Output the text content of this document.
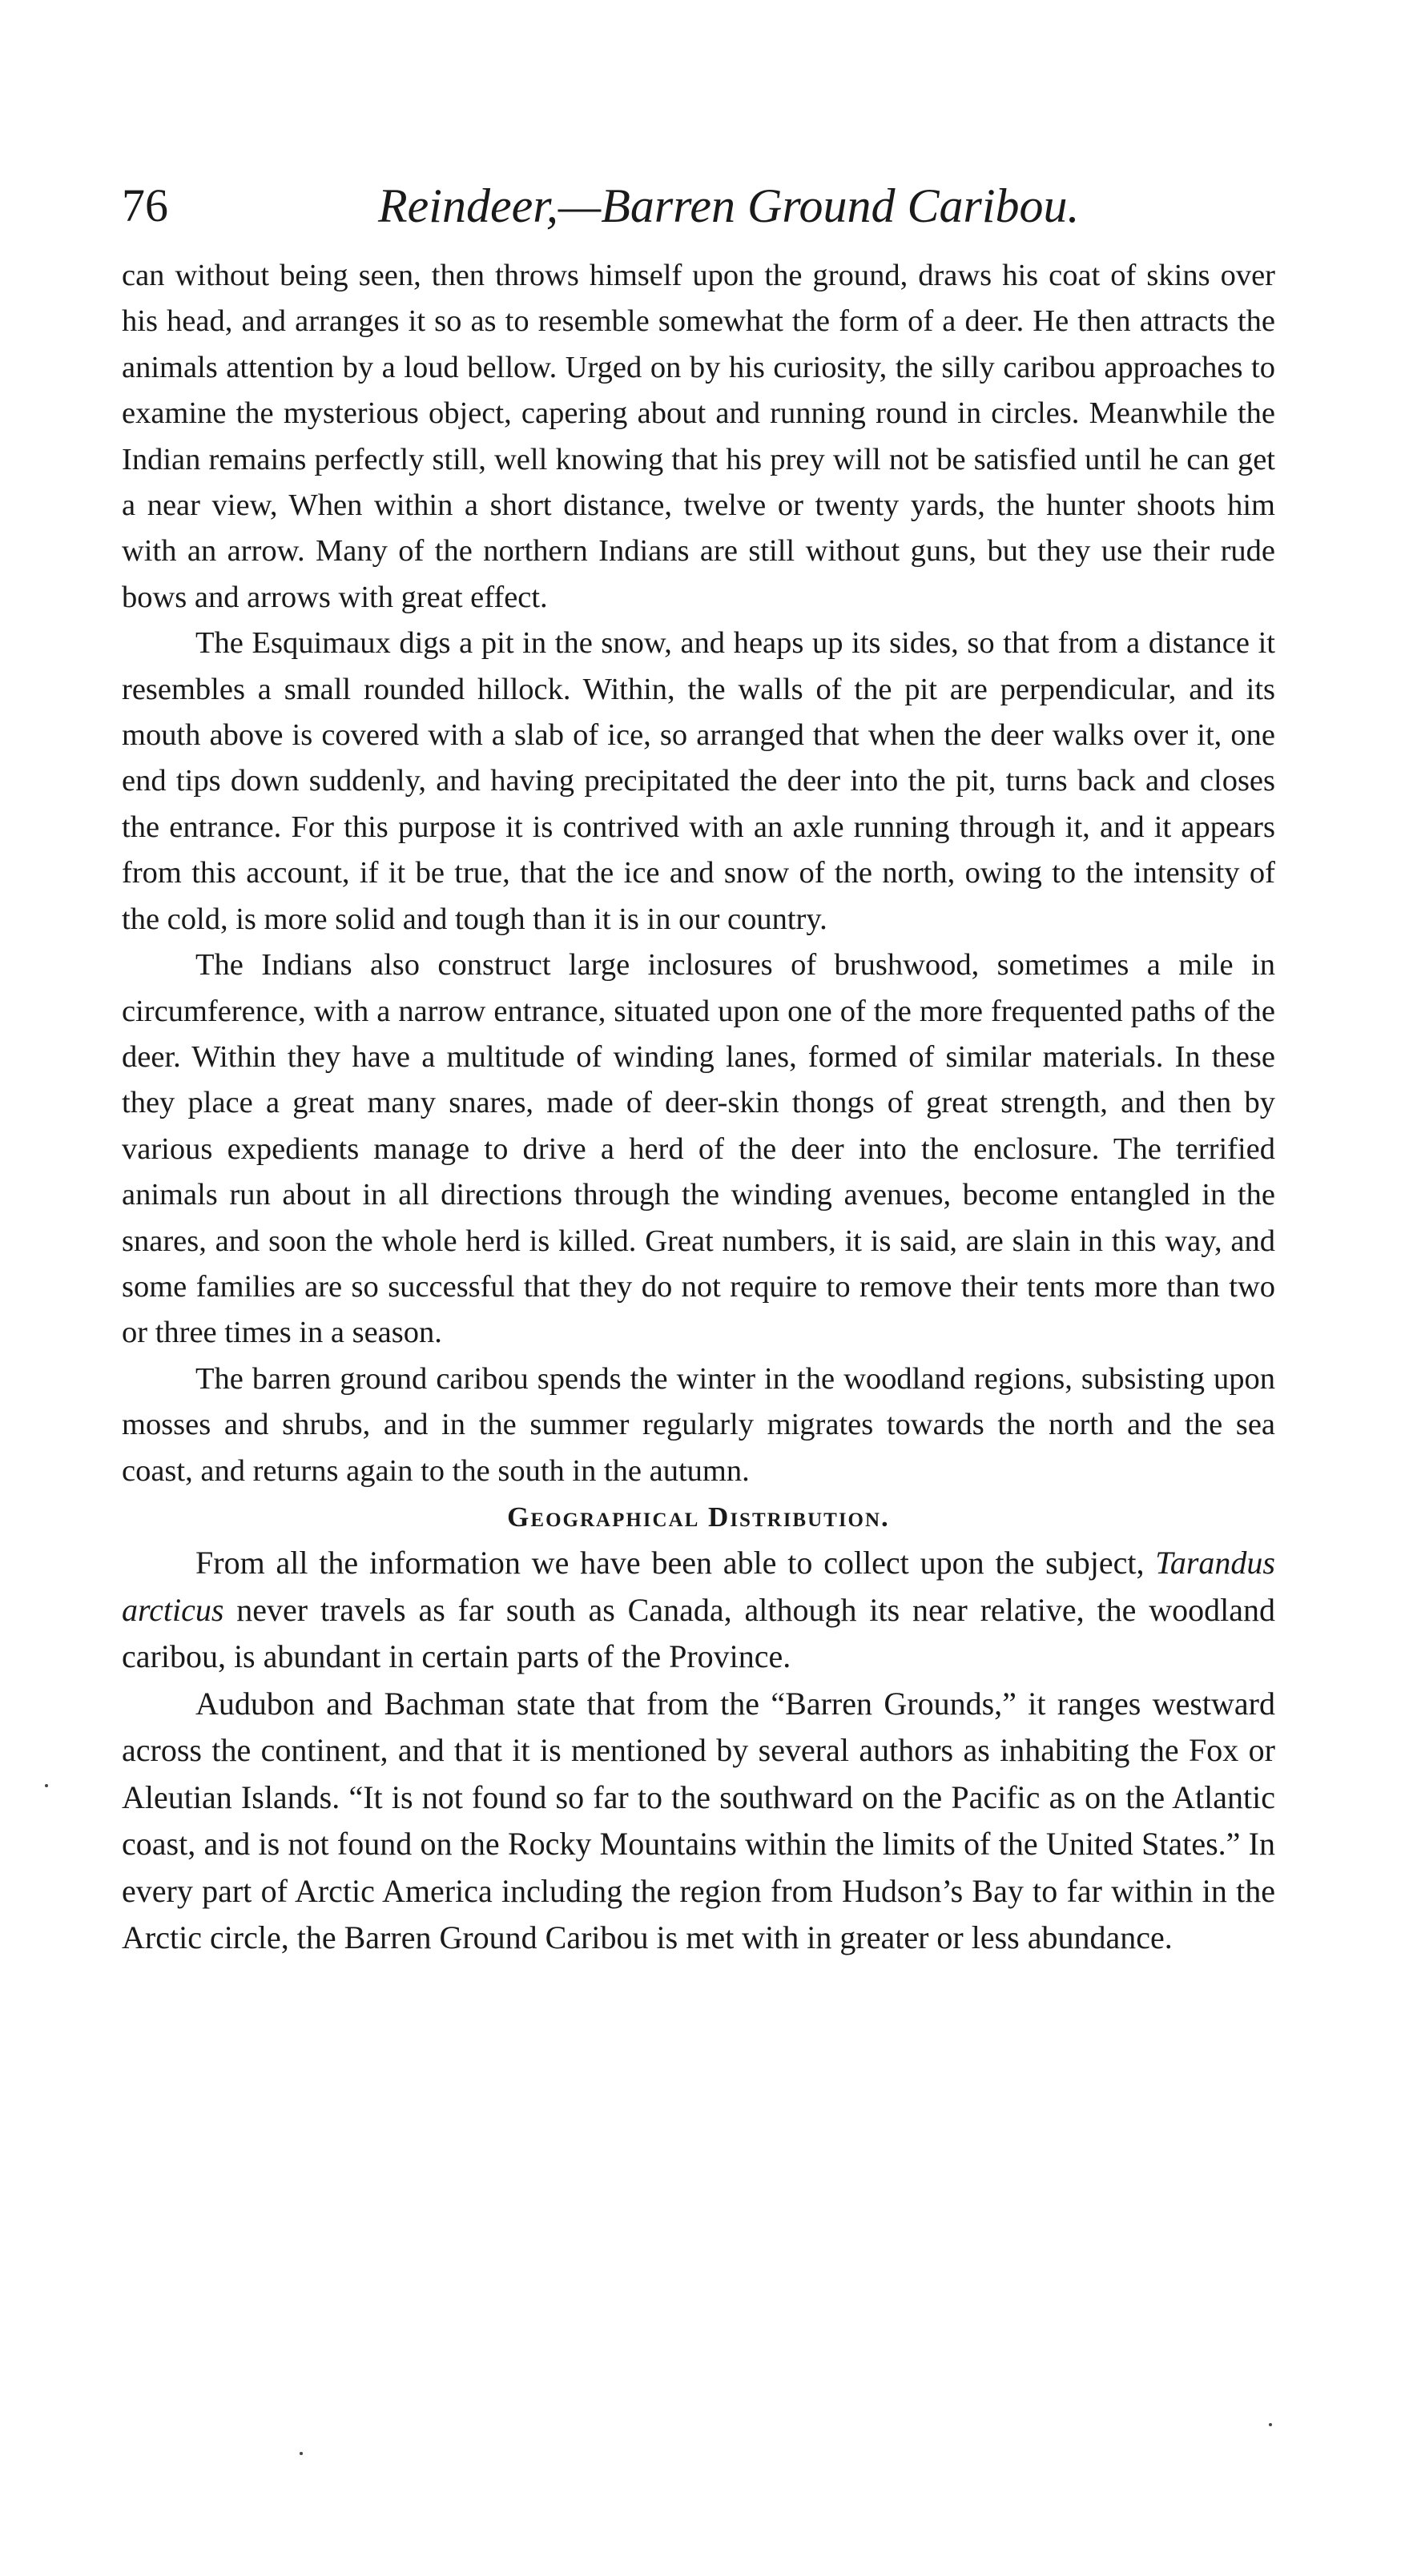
76	Reindeer,—Barren Ground Caribou.

can without being seen, then throws himself upon the ground, draws his coat of skins over his head, and arranges it so as to resemble somewhat the form of a deer. He then attracts the animals attention by a loud bellow. Urged on by his curiosity, the silly caribou approaches to examine the mysterious object, capering about and running round in circles. Meanwhile the Indian remains perfectly still, well knowing that his prey will not be satisfied until he can get a near view, When within a short distance, twelve or twenty yards, the hunter shoots him with an arrow. Many of the northern Indians are still without guns, but they use their rude bows and arrows with great effect.

The Esquimaux digs a pit in the snow, and heaps up its sides, so that from a distance it resembles a small rounded hillock. Within, the walls of the pit are perpendicular, and its mouth above is covered with a slab of ice, so arranged that when the deer walks over it, one end tips down suddenly, and having precipitated the deer into the pit, turns back and closes the entrance. For this purpose it is contrived with an axle running through it, and it appears from this account, if it be true, that the ice and snow of the north, owing to the intensity of the cold, is more solid and tough than it is in our country.

The Indians also construct large inclosures of brushwood, sometimes a mile in circumference, with a narrow entrance, situated upon one of the more frequented paths of the deer. Within they have a multitude of winding lanes, formed of similar materials. In these they place a great many snares, made of deer-skin thongs of great strength, and then by various expedients manage to drive a herd of the deer into the enclosure. The terrified animals run about in all directions through the winding avenues, become entangled in the snares, and soon the whole herd is killed. Great numbers, it is said, are slain in this way, and some families are so successful that they do not require to remove their tents more than two or three times in a season.

The barren ground caribou spends the winter in the woodland regions, subsisting upon mosses and shrubs, and in the summer regularly migrates towards the north and the sea coast, and returns again to the south in the autumn.

Geographical Distribution.

From all the information we have been able to collect upon the subject, Tarandus arcticus never travels as far south as Canada, although its near relative, the woodland caribou, is abundant in certain parts of the Province.

Audubon and Bachman state that from the “Barren Grounds,” it ranges westward across the continent, and that it is mentioned by several authors as inhabiting the Fox or Aleutian Islands. “It is not found so far to the southward on the Pacific as on the Atlantic coast, and is not found on the Rocky Mountains within the limits of the United States.” In every part of Arctic America including the region from Hudson’s Bay to far within in the Arctic circle, the Barren Ground Caribou is met with in greater or less abundance.
